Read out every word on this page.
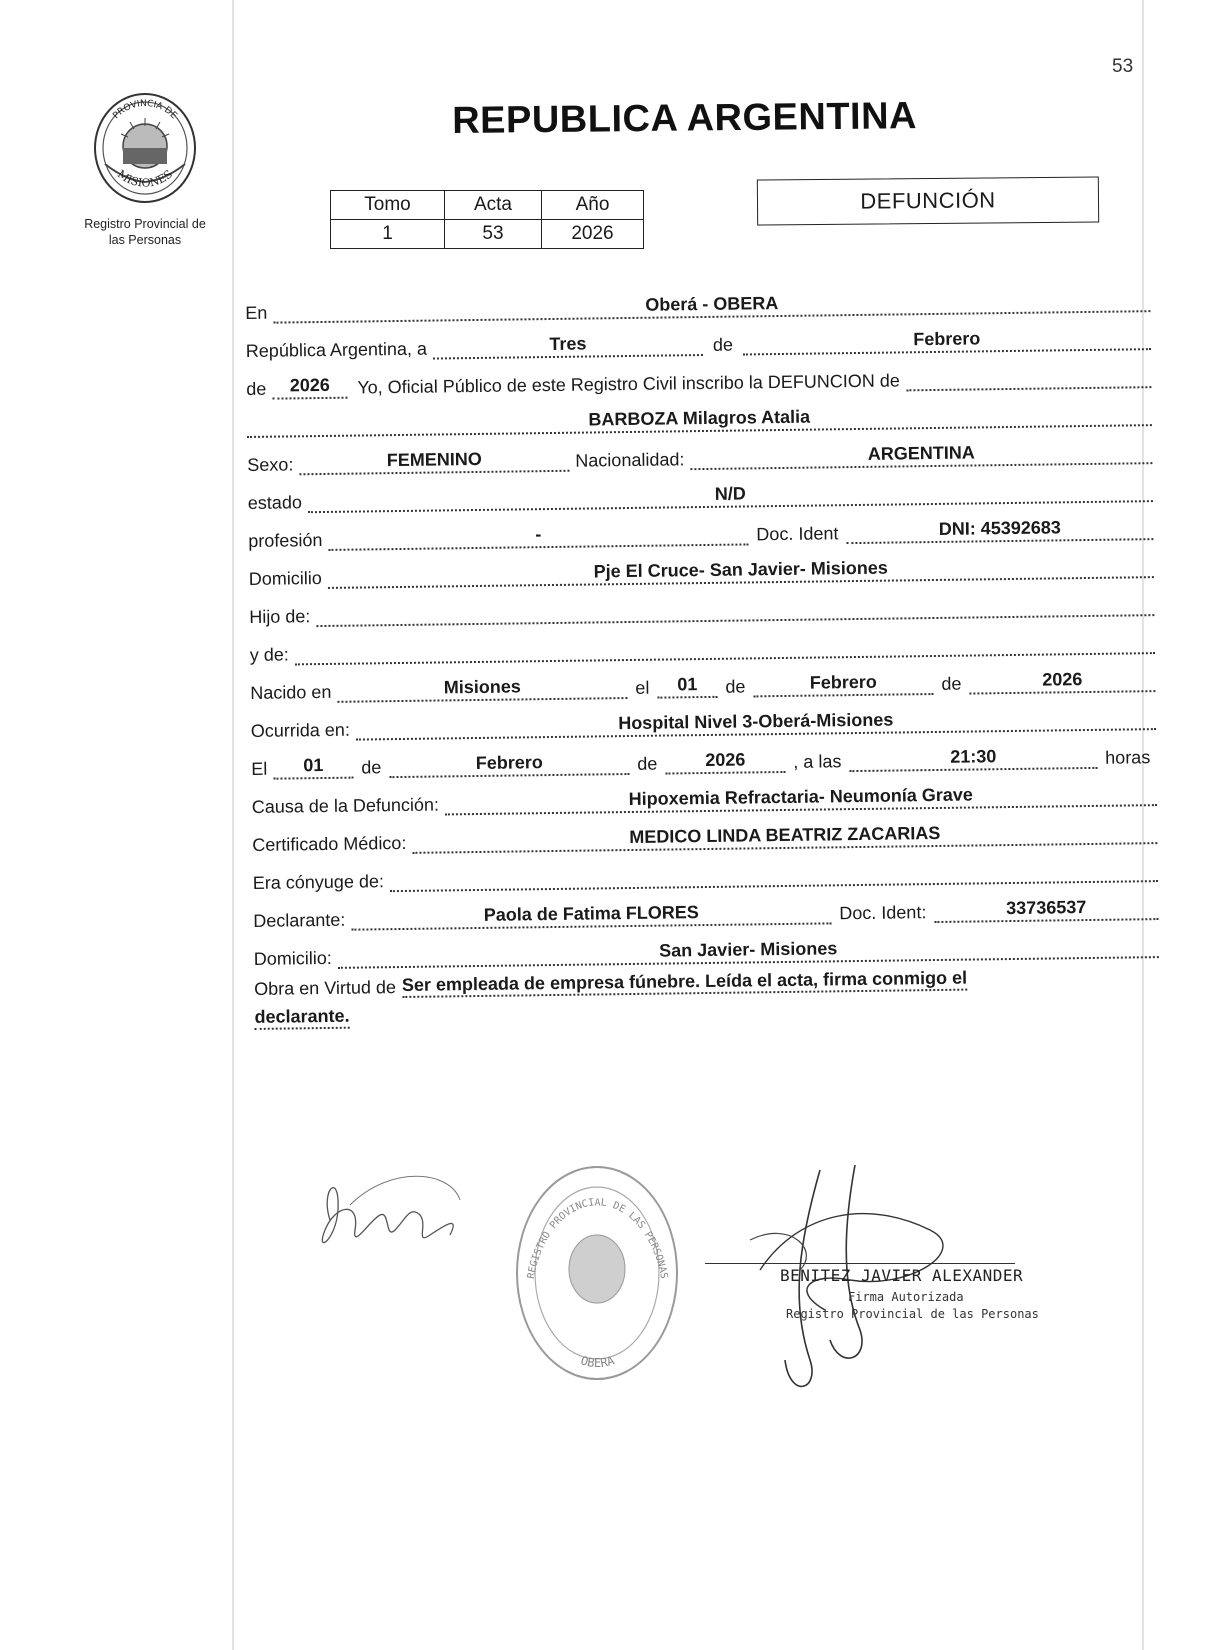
53
PROVINCIA DE
MISIONES
Registro Provincial de
las Personas
REPUBLICA ARGENTINA
Tomo	Acta	Año
1	53	2026
DEFUNCIÓN
En	Oberá - OBERA
República Argentina, a	Tres	de	Febrero
de	2026	Yo, Oficial Público de este Registro Civil inscribo la DEFUNCION de
BARBOZA Milagros Atalia
Sexo:	FEMENINO	Nacionalidad:	ARGENTINA
estado	N/D
profesión	-	Doc. Ident	DNI: 45392683
Domicilio	Pje El Cruce- San Javier- Misiones
Hijo de:
y de:
Nacido en	Misiones	el	01	de	Febrero	de	2026
Ocurrida en:	Hospital Nivel 3-Oberá-Misiones
El	01	de	Febrero	de	2026	, a las	21:30	horas
Causa de la Defunción:	Hipoxemia Refractaria- Neumonía Grave
Certificado Médico:	MEDICO LINDA BEATRIZ ZACARIAS
Era cónyuge de:
Declarante:	Paola de Fatima FLORES	Doc. Ident:	33736537
Domicilio:	San Javier- Misiones
Obra en Virtud de Ser empleada de empresa fúnebre. Leída el acta, firma conmigo el
declarante.
REGISTRO PROVINCIAL DE LAS PERSONAS
OBERA
BENITEZ JAVIER ALEXANDER
Firma Autorizada
Registro Provincial de las Personas
